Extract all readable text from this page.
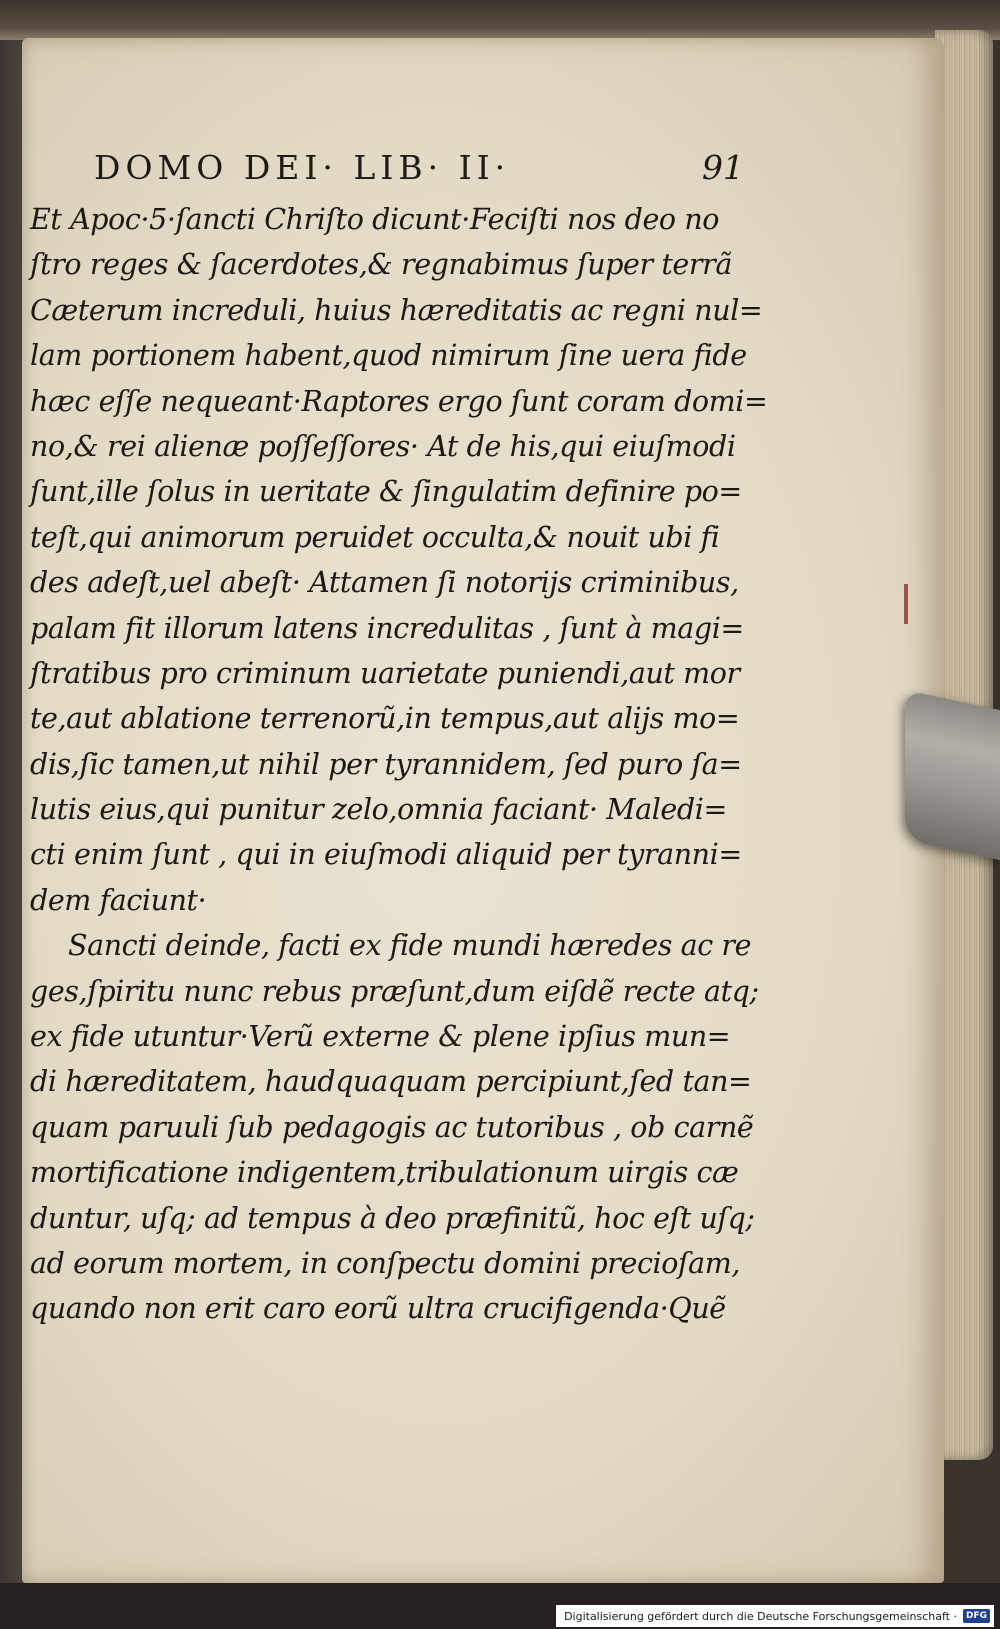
DOMO DEI· LIB· II·	91
Et Apoc·5·ſancti Chriſto dicunt·Feciſti nos deo no
ſtro reges & ſacerdotes,& regnabimus ſuper terrã
Cæterum increduli, huius hæreditatis ac regni nul=
lam portionem habent,quod nimirum ſine uera fide
hæc eſſe nequeant·Raptores ergo ſunt coram domi=
no,& rei alienæ poſſeſſores· At de his,qui eiuſmodi
ſunt,ille ſolus in ueritate & ſingulatim definire po=
teſt,qui animorum peruidet occulta,& nouit ubi fi
des adeſt,uel abeſt· Attamen ſi notorijs criminibus,
palam fit illorum latens incredulitas , ſunt à magi=
ſtratibus pro criminum uarietate puniendi,aut mor
te,aut ablatione terrenorũ,in tempus,aut alijs mo=
dis,ſic tamen,ut nihil per tyrannidem, ſed puro ſa=
lutis eius,qui punitur zelo,omnia faciant· Maledi=
cti enim ſunt , qui in eiuſmodi aliquid per tyranni=
dem faciunt·
Sancti deinde, facti ex fide mundi hæredes ac re
ges,ſpiritu nunc rebus præſunt,dum eiſdẽ recte atq;
ex fide utuntur·Verũ externe & plene ipſius mun=
di hæreditatem, haudquaquam percipiunt,ſed tan=
quam paruuli ſub pedagogis ac tutoribus , ob carnẽ
mortificatione indigentem,tribulationum uirgis cæ
duntur, uſq; ad tempus à deo præfinitũ, hoc eſt uſq;
ad eorum mortem, in conſpectu domini precioſam,
quando non erit caro eorũ ultra crucifigenda·Quẽ
Digitalisierung gefördert durch die Deutsche Forschungsgemeinschaft ·	DFG
